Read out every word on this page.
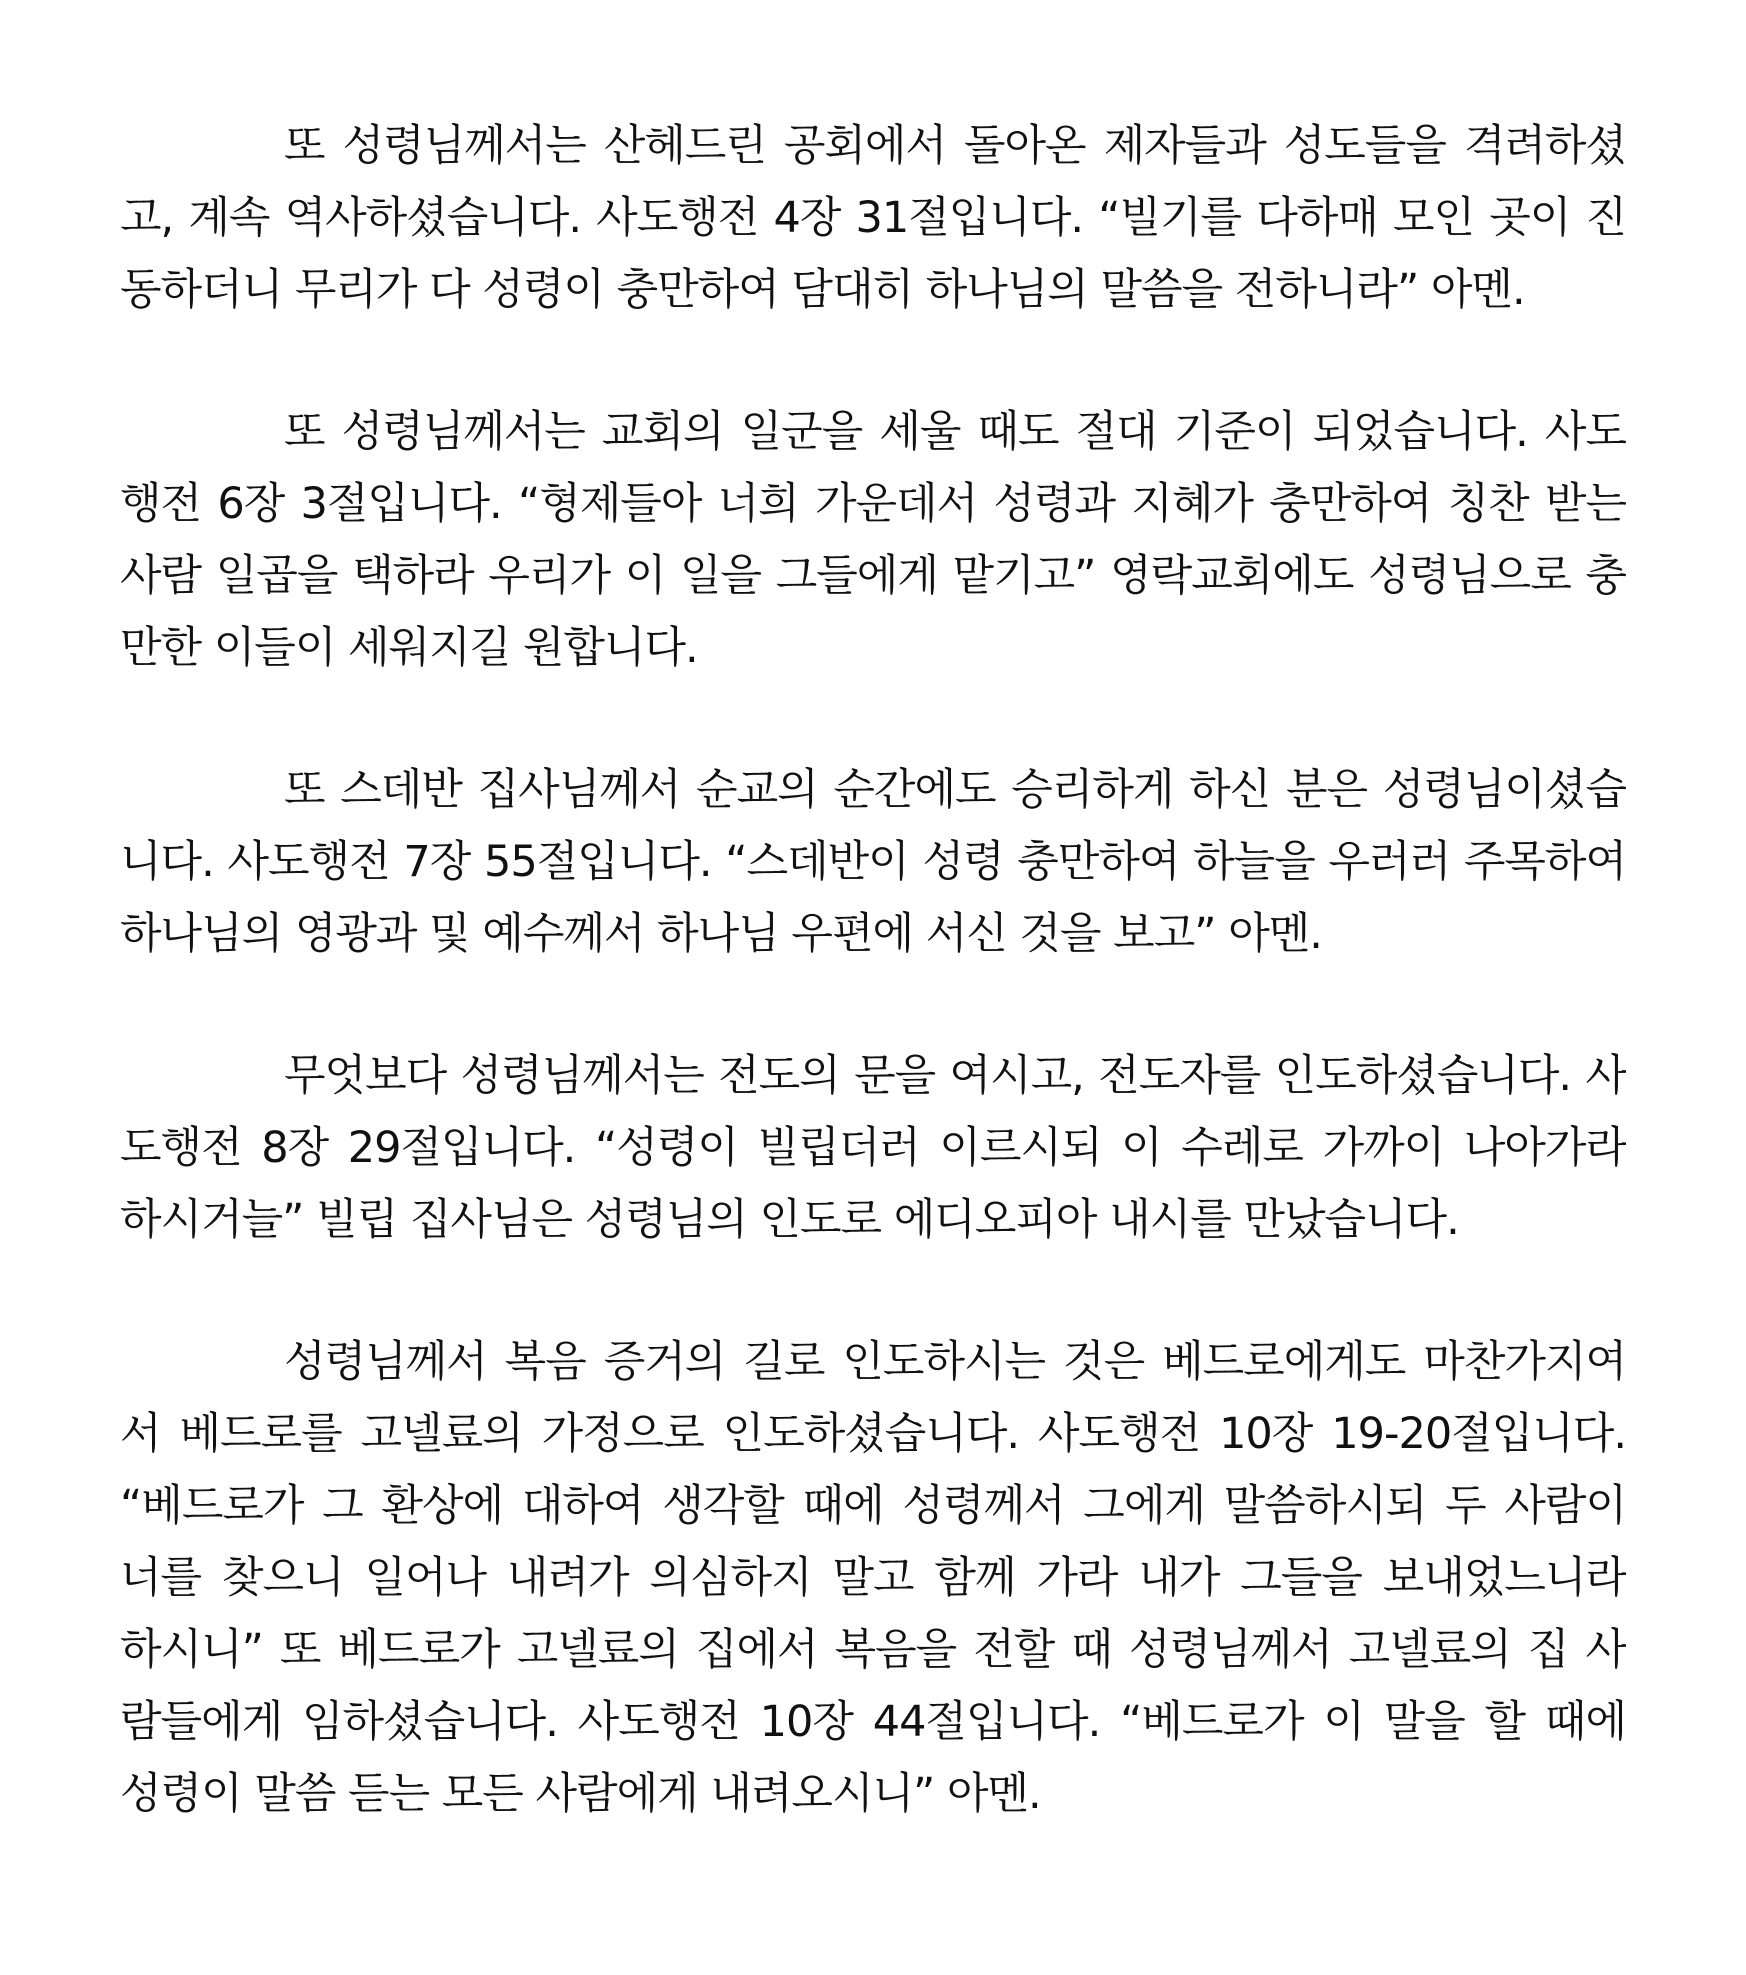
또 성령님께서는 산헤드린 공회에서 돌아온 제자들과 성도들을 격려하셨
고, 계속 역사하셨습니다. 사도행전 4장 31절입니다. “빌기를 다하매 모인 곳이 진
동하더니 무리가 다 성령이 충만하여 담대히 하나님의 말씀을 전하니라” 아멘.
또 성령님께서는 교회의 일군을 세울 때도 절대 기준이 되었습니다. 사도
행전 6장 3절입니다. “형제들아 너희 가운데서 성령과 지혜가 충만하여 칭찬 받는
사람 일곱을 택하라 우리가 이 일을 그들에게 맡기고” 영락교회에도 성령님으로 충
만한 이들이 세워지길 원합니다.
또 스데반 집사님께서 순교의 순간에도 승리하게 하신 분은 성령님이셨습
니다. 사도행전 7장 55절입니다. “스데반이 성령 충만하여 하늘을 우러러 주목하여
하나님의 영광과 및 예수께서 하나님 우편에 서신 것을 보고” 아멘.
무엇보다 성령님께서는 전도의 문을 여시고, 전도자를 인도하셨습니다. 사
도행전 8장 29절입니다. “성령이 빌립더러 이르시되 이 수레로 가까이 나아가라
하시거늘” 빌립 집사님은 성령님의 인도로 에디오피아 내시를 만났습니다.
성령님께서 복음 증거의 길로 인도하시는 것은 베드로에게도 마찬가지여
서 베드로를 고넬료의 가정으로 인도하셨습니다. 사도행전 10장 19-20절입니다.
“베드로가 그 환상에 대하여 생각할 때에 성령께서 그에게 말씀하시되 두 사람이
너를 찾으니 일어나 내려가 의심하지 말고 함께 가라 내가 그들을 보내었느니라
하시니” 또 베드로가 고넬료의 집에서 복음을 전할 때 성령님께서 고넬료의 집 사
람들에게 임하셨습니다. 사도행전 10장 44절입니다. “베드로가 이 말을 할 때에
성령이 말씀 듣는 모든 사람에게 내려오시니” 아멘.
